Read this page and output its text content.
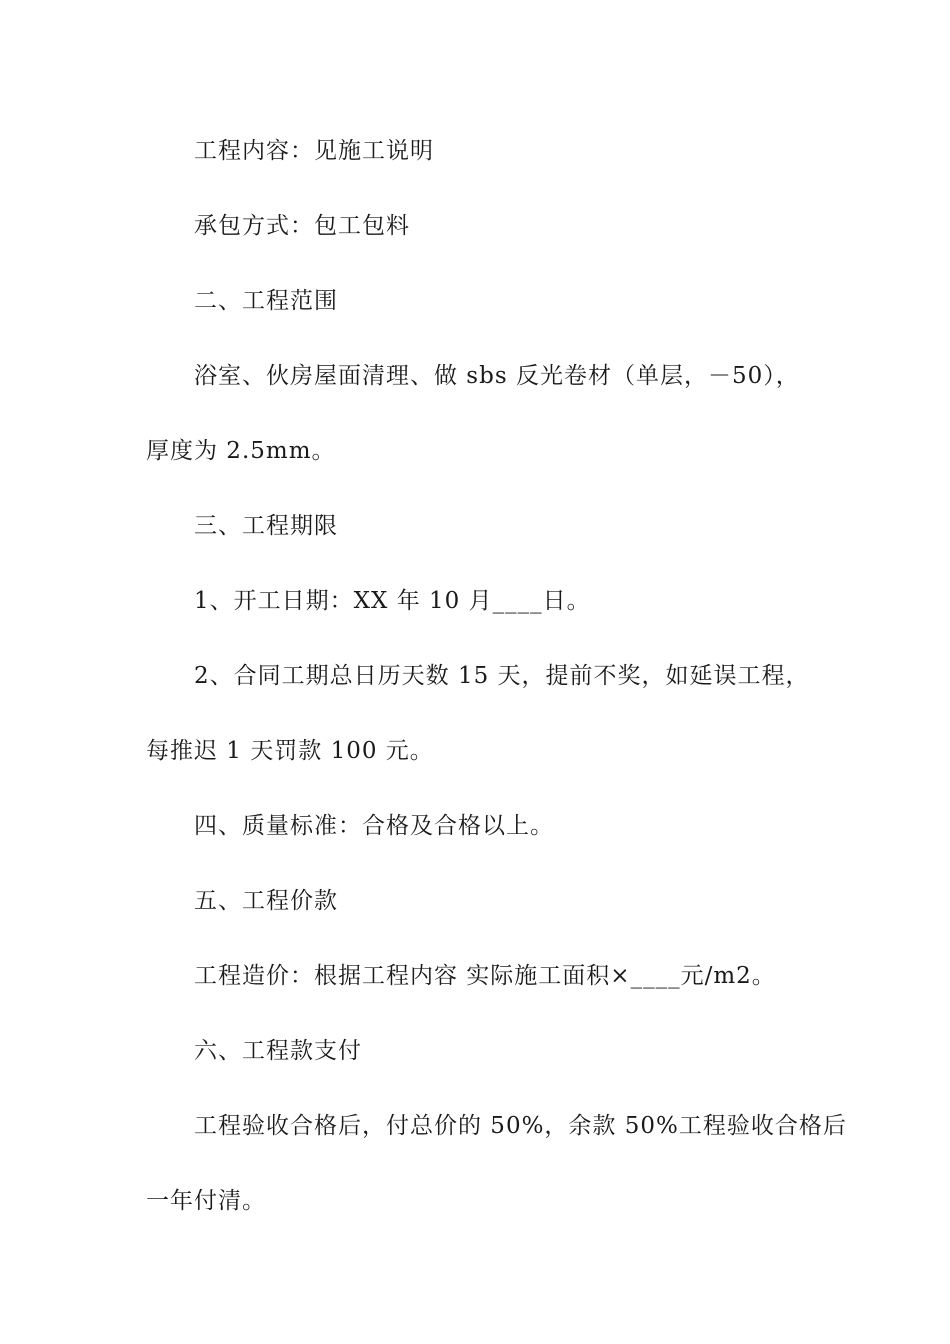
工程内容：见施工说明
承包方式：包工包料
二、工程范围
浴室、伙房屋面清理、做 sbs 反光卷材（单层，－50），
厚度为 2.5mm。
三、工程期限
1、开工日期：XX 年 10 月____日。
2、合同工期总日历天数 15 天，提前不奖，如延误工程，
每推迟 1 天罚款 100 元。
四、质量标准：合格及合格以上。
五、工程价款
工程造价：根据工程内容 实际施工面积×____元/m2。
六、工程款支付
工程验收合格后，付总价的 50%，余款 50%工程验收合格后
一年付清。
